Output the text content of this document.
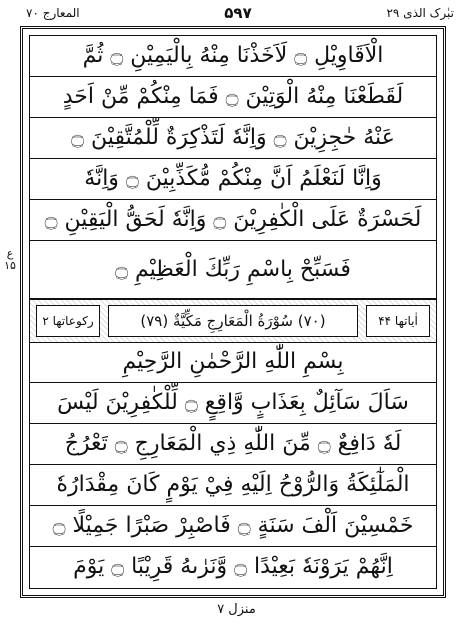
تبٰرک الذی ۲۹
۵۹۷
المعارج ۷۰
ع ۱۵
الْاَقَاوِيْلِ ۝ لَاَخَذْنَا مِنْهُ بِالْيَمِيْنِ ۝ ثُمَّ
لَقَطَعْنَا مِنْهُ الْوَتِيْنَ ۝ فَمَا مِنْكُمْ مِّنْ اَحَدٍ
عَنْهُ حٰجِزِيْنَ ۝ وَاِنَّهٗ لَتَذْكِرَةٌ لِّلْمُتَّقِيْنَ ۝
وَاِنَّا لَنَعْلَمُ اَنَّ مِنْكُمْ مُّكَذِّبِيْنَ ۝ وَاِنَّهٗ
لَحَسْرَةٌ عَلَى الْكٰفِرِيْنَ ۝ وَاِنَّهٗ لَحَقُّ الْيَقِيْنِ ۝
فَسَبِّحْ بِاسْمِ رَبِّكَ الْعَظِيْمِ ۝
اٰياتها ۴۴
(۷۰) سُوْرَةُ الْمَعَارِجِ مَكِّيَّةٌ (۷۹)
ركوعاتها ۲
بِسْمِ اللّٰهِ الرَّحْمٰنِ الرَّحِيْمِ
سَاَلَ سَآئِلٌ بِعَذَابٍ وَّاقِعٍ ۝ لِّلْكٰفِرِيْنَ لَيْسَ
لَهٗ دَافِعٌ ۝ مِّنَ اللّٰهِ ذِي الْمَعَارِجِ ۝ تَعْرُجُ
الْمَلٰٓئِكَةُ وَالرُّوْحُ اِلَيْهِ فِيْ يَوْمٍ كَانَ مِقْدَارُهٗ
خَمْسِيْنَ اَلْفَ سَنَةٍ ۝ فَاصْبِرْ صَبْرًا جَمِيْلًا ۝
اِنَّهُمْ يَرَوْنَهٗ بَعِيْدًا ۝ وَّنَرٰىهُ قَرِيْبًا ۝ يَوْمَ
منزل ۷
